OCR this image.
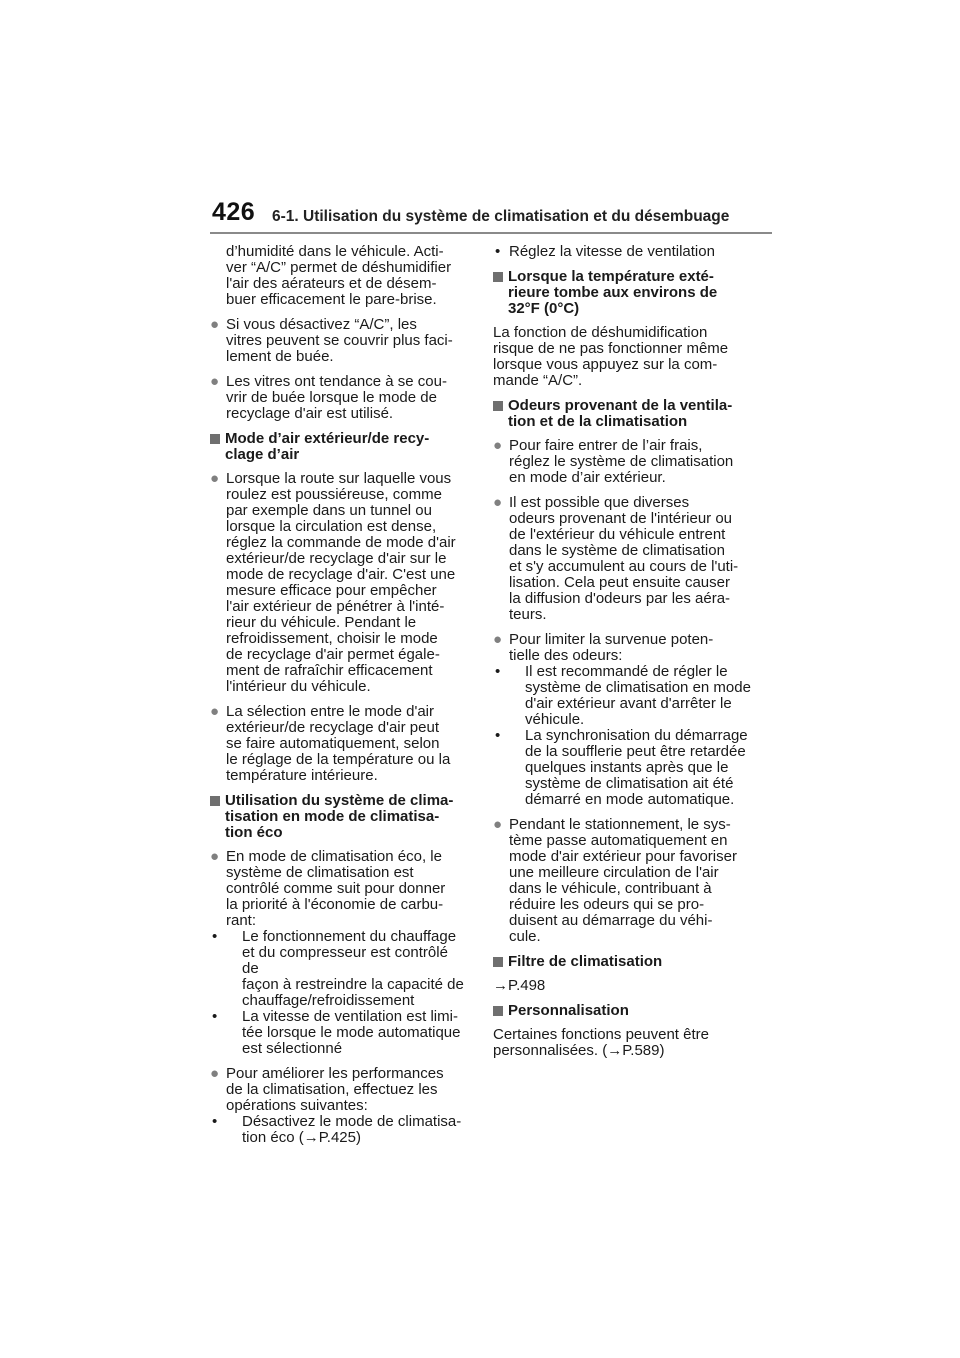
426 6-1. Utilisation du système de climatisation et du désembuage
d’humidité dans le véhicule. Acti-
ver “A/C” permet de déshumidifier
l'air des aérateurs et de désem-
buer efficacement le pare-brise.
● Si vous désactivez “A/C”, les
vitres peuvent se couvrir plus faci-
lement de buée.
● Les vitres ont tendance à se cou-
vrir de buée lorsque le mode de
recyclage d'air est utilisé.
Mode d’air extérieur/de recy-
clage d’air
● Lorsque la route sur laquelle vous
roulez est poussiéreuse, comme
par exemple dans un tunnel ou
lorsque la circulation est dense,
réglez la commande de mode d'air
extérieur/de recyclage d'air sur le
mode de recyclage d'air. C'est une
mesure efficace pour empêcher
l'air extérieur de pénétrer à l'inté-
rieur du véhicule. Pendant le
refroidissement, choisir le mode
de recyclage d'air permet égale-
ment de rafraîchir efficacement
l'intérieur du véhicule.
● La sélection entre le mode d'air
extérieur/de recyclage d'air peut
se faire automatiquement, selon
le réglage de la température ou la
température intérieure.
Utilisation du système de clima-
tisation en mode de climatisa-
tion éco
● En mode de climatisation éco, le
système de climatisation est
contrôlé comme suit pour donner
la priorité à l'économie de carbu-
rant:
•	Le fonctionnement du chauffage
et du compresseur est contrôlé de
façon à restreindre la capacité de
chauffage/refroidissement
•	La vitesse de ventilation est limi-
tée lorsque le mode automatique
est sélectionné
● Pour améliorer les performances
de la climatisation, effectuez les
opérations suivantes:
•	Désactivez le mode de climatisa-
tion éco (→P.425)
• Réglez la vitesse de ventilation
Lorsque la température exté-
rieure tombe aux environs de
32°F (0°C)
La fonction de déshumidification
risque de ne pas fonctionner même
lorsque vous appuyez sur la com-
mande “A/C”.
Odeurs provenant de la ventila-
tion et de la climatisation
● Pour faire entrer de l’air frais,
réglez le système de climatisation
en mode d’air extérieur.
● Il est possible que diverses
odeurs provenant de l'intérieur ou
de l'extérieur du véhicule entrent
dans le système de climatisation
et s'y accumulent au cours de l'uti-
lisation. Cela peut ensuite causer
la diffusion d'odeurs par les aéra-
teurs.
● Pour limiter la survenue poten-
tielle des odeurs:
•	Il est recommandé de régler le
système de climatisation en mode
d'air extérieur avant d'arrêter le
véhicule.
•	La synchronisation du démarrage
de la soufflerie peut être retardée
quelques instants après que le
système de climatisation ait été
démarré en mode automatique.
● Pendant le stationnement, le sys-
tème passe automatiquement en
mode d'air extérieur pour favoriser
une meilleure circulation de l'air
dans le véhicule, contribuant à
réduire les odeurs qui se pro-
duisent au démarrage du véhi-
cule.
Filtre de climatisation
→P.498
Personnalisation
Certaines fonctions peuvent être
personnalisées. (→P.589)
